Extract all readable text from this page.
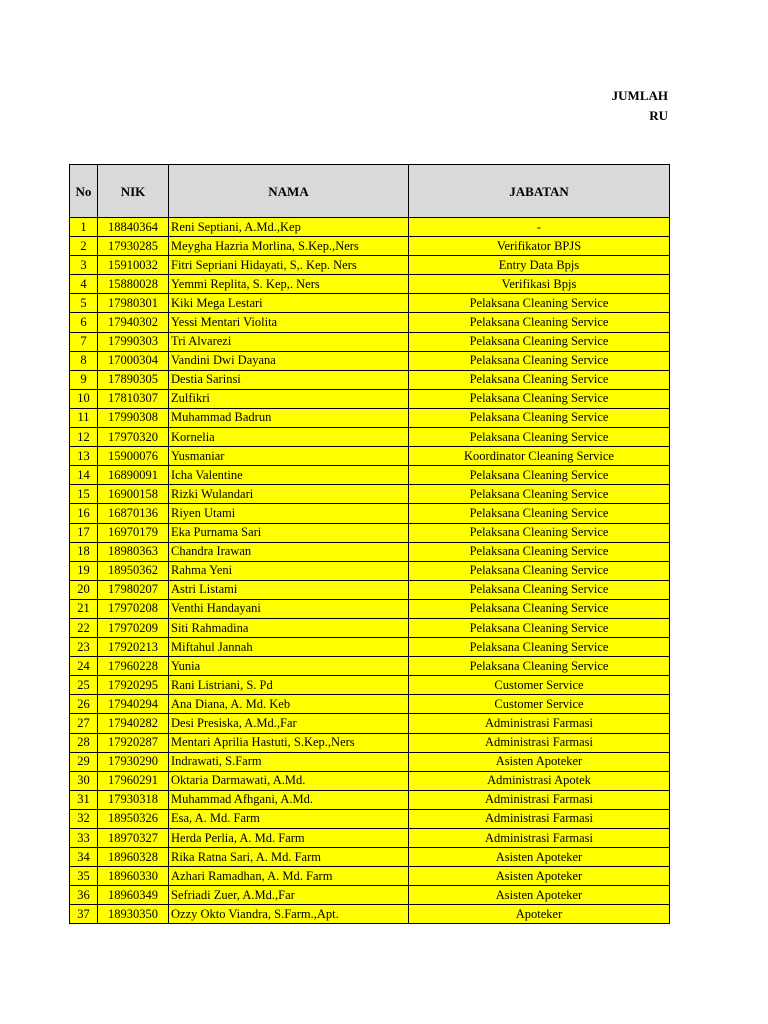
JUMLAH
RU
No	NIK	NAMA	JABATAN
1	18840364	Reni Septiani, A.Md.,Kep	-
2	17930285	Meygha Hazria Morlina, S.Kep.,Ners	Verifikator BPJS
3	15910032	Fitri Sepriani Hidayati, S,. Kep. Ners	Entry Data Bpjs
4	15880028	Yemmi Replita, S. Kep,. Ners	Verifikasi Bpjs
5	17980301	Kiki Mega Lestari	Pelaksana Cleaning Service
6	17940302	Yessi Mentari Violita	Pelaksana Cleaning Service
7	17990303	Tri Alvarezi	Pelaksana Cleaning Service
8	17000304	Vandini Dwi Dayana	Pelaksana Cleaning Service
9	17890305	Destia Sarinsi	Pelaksana Cleaning Service
10	17810307	Zulfikri	Pelaksana Cleaning Service
11	17990308	Muhammad Badrun	Pelaksana Cleaning Service
12	17970320	Kornelia	Pelaksana Cleaning Service
13	15900076	Yusmaniar	Koordinator Cleaning Service
14	16890091	Icha Valentine	Pelaksana Cleaning Service
15	16900158	Rizki Wulandari	Pelaksana Cleaning Service
16	16870136	Riyen Utami	Pelaksana Cleaning Service
17	16970179	Eka Purnama Sari	Pelaksana Cleaning Service
18	18980363	Chandra Irawan	Pelaksana Cleaning Service
19	18950362	Rahma Yeni	Pelaksana Cleaning Service
20	17980207	Astri Listami	Pelaksana Cleaning Service
21	17970208	Venthi Handayani	Pelaksana Cleaning Service
22	17970209	Siti Rahmadina	Pelaksana Cleaning Service
23	17920213	Miftahul Jannah	Pelaksana Cleaning Service
24	17960228	Yunia	Pelaksana Cleaning Service
25	17920295	Rani Listriani, S. Pd	Customer Service
26	17940294	Ana Diana, A. Md. Keb	Customer Service
27	17940282	Desi Presiska, A.Md.,Far	Administrasi Farmasi
28	17920287	Mentari Aprilia Hastuti, S.Kep.,Ners	Administrasi Farmasi
29	17930290	Indrawati, S.Farm	Asisten Apoteker
30	17960291	Oktaria Darmawati, A.Md.	Administrasi Apotek
31	17930318	Muhammad Afhgani, A.Md.	Administrasi Farmasi
32	18950326	Esa, A. Md. Farm	Administrasi Farmasi
33	18970327	Herda Perlia, A. Md. Farm	Administrasi Farmasi
34	18960328	Rika Ratna Sari, A. Md. Farm	Asisten Apoteker
35	18960330	Azhari Ramadhan, A. Md. Farm	Asisten Apoteker
36	18960349	Sefriadi Zuer, A.Md.,Far	Asisten Apoteker
37	18930350	Ozzy Okto Viandra, S.Farm.,Apt.	Apoteker
